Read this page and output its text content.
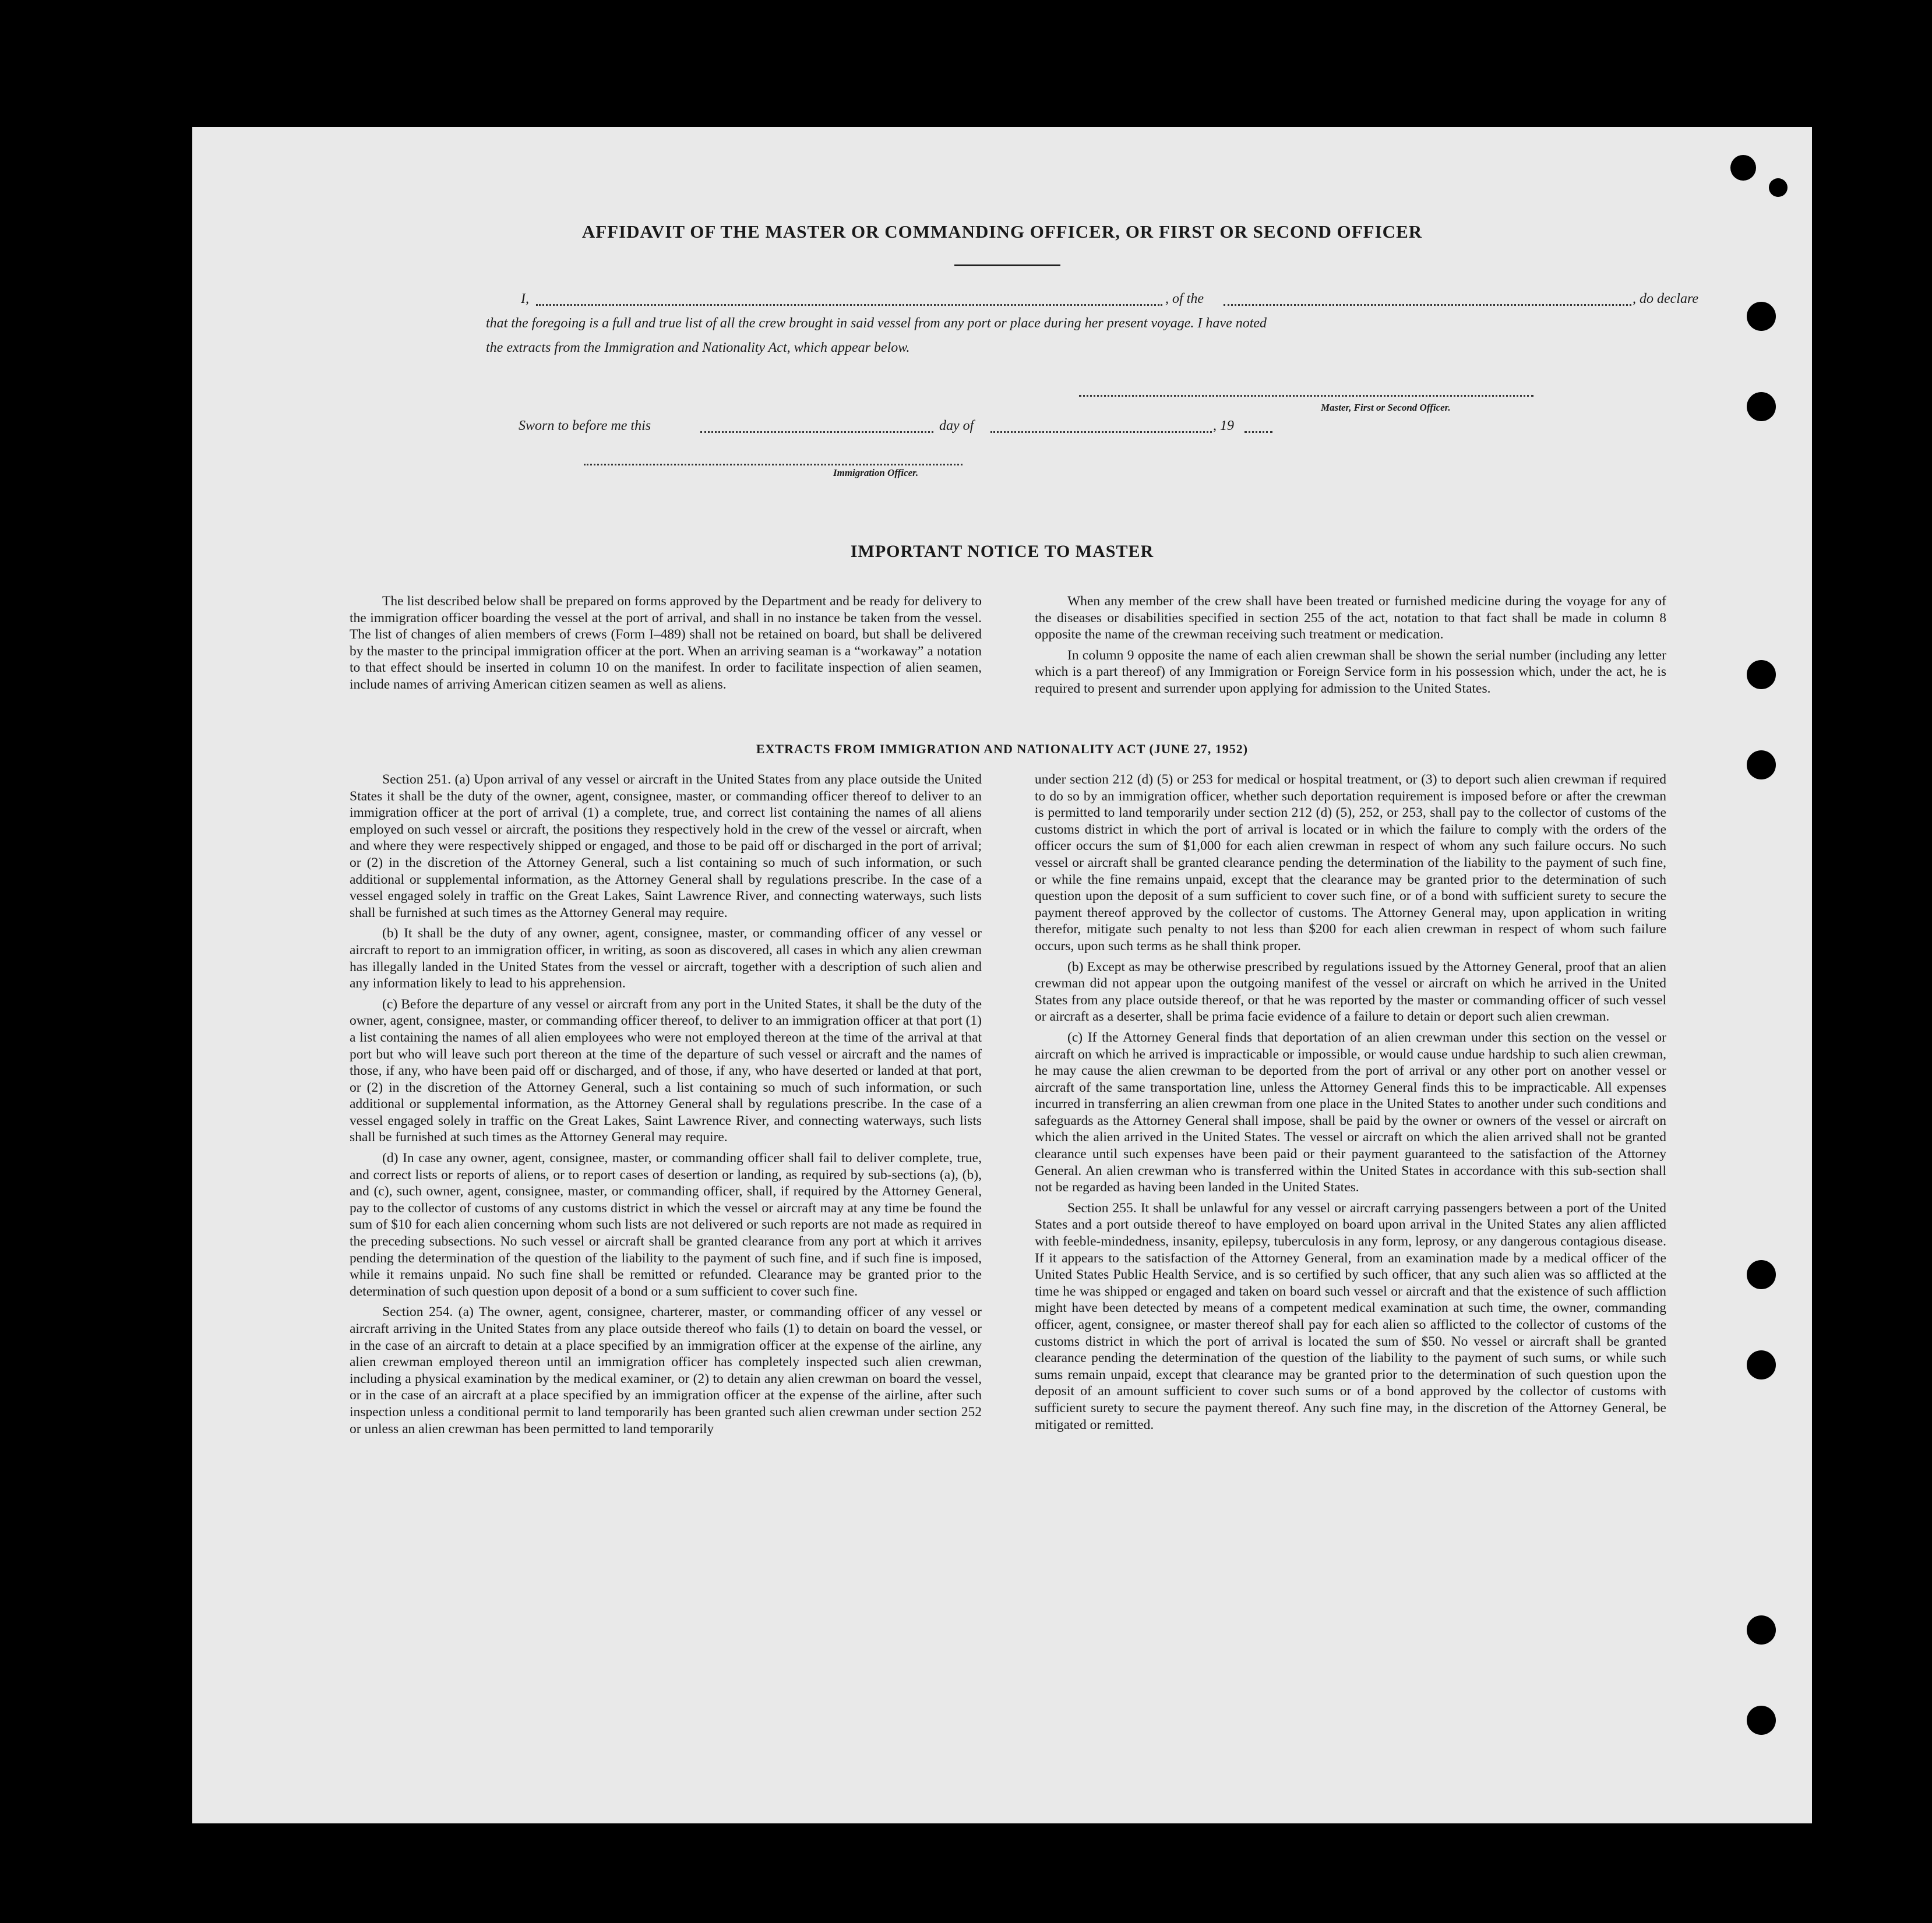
AFFIDAVIT OF THE MASTER OR COMMANDING OFFICER, OR FIRST OR SECOND OFFICER
I,	, of the	, do declare
that the foregoing is a full and true list of all the crew brought in said vessel from any port or place during her present voyage. I have noted
the extracts from the Immigration and Nationality Act, which appear below.
Master, First or Second Officer.
Sworn to before me this	day of	, 19
Immigration Officer.
IMPORTANT NOTICE TO MASTER

The list described below shall be prepared on forms approved by the Department and be ready for delivery to the immigration officer boarding the vessel at the port of arrival, and shall in no instance be taken from the vessel. The list of changes of alien members of crews (Form I–489) shall not be retained on board, but shall be delivered by the master to the principal immigration officer at the port. When an arriving seaman is a “workaway” a notation to that effect should be inserted in column 10 on the manifest. In order to facilitate inspection of alien seamen, include names of arriving American citizen seamen as well as aliens.

When any member of the crew shall have been treated or furnished medicine during the voyage for any of the diseases or disabilities specified in section 255 of the act, notation to that fact shall be made in column 8 opposite the name of the crewman receiving such treatment or medication.

In column 9 opposite the name of each alien crewman shall be shown the serial number (including any letter which is a part thereof) of any Immigration or Foreign Service form in his possession which, under the act, he is required to present and surrender upon applying for admission to the United States.

EXTRACTS FROM IMMIGRATION AND NATIONALITY ACT (JUNE 27, 1952)

Section 251. (a) Upon arrival of any vessel or aircraft in the United States from any place outside the United States it shall be the duty of the owner, agent, consignee, master, or commanding officer thereof to deliver to an immigration officer at the port of arrival (1) a complete, true, and correct list containing the names of all aliens employed on such vessel or aircraft, the positions they respectively hold in the crew of the vessel or aircraft, when and where they were respectively shipped or engaged, and those to be paid off or discharged in the port of arrival; or (2) in the discretion of the Attorney General, such a list containing so much of such information, or such additional or supplemental information, as the Attorney General shall by regulations prescribe. In the case of a vessel engaged solely in traffic on the Great Lakes, Saint Lawrence River, and connecting waterways, such lists shall be furnished at such times as the Attorney General may require.

(b) It shall be the duty of any owner, agent, consignee, master, or commanding officer of any vessel or aircraft to report to an immigration officer, in writing, as soon as discovered, all cases in which any alien crewman has illegally landed in the United States from the vessel or aircraft, together with a description of such alien and any information likely to lead to his apprehension.

(c) Before the departure of any vessel or aircraft from any port in the United States, it shall be the duty of the owner, agent, consignee, master, or commanding officer thereof, to deliver to an immigration officer at that port (1) a list containing the names of all alien employees who were not employed thereon at the time of the arrival at that port but who will leave such port thereon at the time of the departure of such vessel or aircraft and the names of those, if any, who have been paid off or discharged, and of those, if any, who have deserted or landed at that port, or (2) in the discretion of the Attorney General, such a list containing so much of such information, or such additional or supplemental information, as the Attorney General shall by regulations prescribe. In the case of a vessel engaged solely in traffic on the Great Lakes, Saint Lawrence River, and connecting waterways, such lists shall be furnished at such times as the Attorney General may require.

(d) In case any owner, agent, consignee, master, or commanding officer shall fail to deliver complete, true, and correct lists or reports of aliens, or to report cases of desertion or landing, as required by sub-sections (a), (b), and (c), such owner, agent, consignee, master, or commanding officer, shall, if required by the Attorney General, pay to the collector of customs of any customs district in which the vessel or aircraft may at any time be found the sum of $10 for each alien concerning whom such lists are not delivered or such reports are not made as required in the preceding subsections. No such vessel or aircraft shall be granted clearance from any port at which it arrives pending the determination of the question of the liability to the payment of such fine, and if such fine is imposed, while it remains unpaid. No such fine shall be remitted or refunded. Clearance may be granted prior to the determination of such question upon deposit of a bond or a sum sufficient to cover such fine.

Section 254. (a) The owner, agent, consignee, charterer, master, or commanding officer of any vessel or aircraft arriving in the United States from any place outside thereof who fails (1) to detain on board the vessel, or in the case of an aircraft to detain at a place specified by an immigration officer at the expense of the airline, any alien crewman employed thereon until an immigration officer has completely inspected such alien crewman, including a physical examination by the medical examiner, or (2) to detain any alien crewman on board the vessel, or in the case of an aircraft at a place specified by an immigration officer at the expense of the airline, after such inspection unless a conditional permit to land temporarily has been granted such alien crewman under section 252 or unless an alien crewman has been permitted to land temporarily

under section 212 (d) (5) or 253 for medical or hospital treatment, or (3) to deport such alien crewman if required to do so by an immigration officer, whether such deportation requirement is imposed before or after the crewman is permitted to land temporarily under section 212 (d) (5), 252, or 253, shall pay to the collector of customs of the customs district in which the port of arrival is located or in which the failure to comply with the orders of the officer occurs the sum of $1,000 for each alien crewman in respect of whom any such failure occurs. No such vessel or aircraft shall be granted clearance pending the determination of the liability to the payment of such fine, or while the fine remains unpaid, except that the clearance may be granted prior to the determination of such question upon the deposit of a sum sufficient to cover such fine, or of a bond with sufficient surety to secure the payment thereof approved by the collector of customs. The Attorney General may, upon application in writing therefor, mitigate such penalty to not less than $200 for each alien crewman in respect of whom such failure occurs, upon such terms as he shall think proper.

(b) Except as may be otherwise prescribed by regulations issued by the Attorney General, proof that an alien crewman did not appear upon the outgoing manifest of the vessel or aircraft on which he arrived in the United States from any place outside thereof, or that he was reported by the master or commanding officer of such vessel or aircraft as a deserter, shall be prima facie evidence of a failure to detain or deport such alien crewman.

(c) If the Attorney General finds that deportation of an alien crewman under this section on the vessel or aircraft on which he arrived is impracticable or impossible, or would cause undue hardship to such alien crewman, he may cause the alien crewman to be deported from the port of arrival or any other port on another vessel or aircraft of the same transportation line, unless the Attorney General finds this to be impracticable. All expenses incurred in transferring an alien crewman from one place in the United States to another under such conditions and safeguards as the Attorney General shall impose, shall be paid by the owner or owners of the vessel or aircraft on which the alien arrived in the United States. The vessel or aircraft on which the alien arrived shall not be granted clearance until such expenses have been paid or their payment guaranteed to the satisfaction of the Attorney General. An alien crewman who is transferred within the United States in accordance with this sub-section shall not be regarded as having been landed in the United States.

Section 255. It shall be unlawful for any vessel or aircraft carrying passengers between a port of the United States and a port outside thereof to have employed on board upon arrival in the United States any alien afflicted with feeble-mindedness, insanity, epilepsy, tuberculosis in any form, leprosy, or any dangerous contagious disease. If it appears to the satisfaction of the Attorney General, from an examination made by a medical officer of the United States Public Health Service, and is so certified by such officer, that any such alien was so afflicted at the time he was shipped or engaged and taken on board such vessel or aircraft and that the existence of such affliction might have been detected by means of a competent medical examination at such time, the owner, commanding officer, agent, consignee, or master thereof shall pay for each alien so afflicted to the collector of customs of the customs district in which the port of arrival is located the sum of $50. No vessel or aircraft shall be granted clearance pending the determination of the question of the liability to the payment of such sums, or while such sums remain unpaid, except that clearance may be granted prior to the determination of such question upon the deposit of an amount sufficient to cover such sums or of a bond approved by the collector of customs with sufficient surety to secure the payment thereof. Any such fine may, in the discretion of the Attorney General, be mitigated or remitted.
